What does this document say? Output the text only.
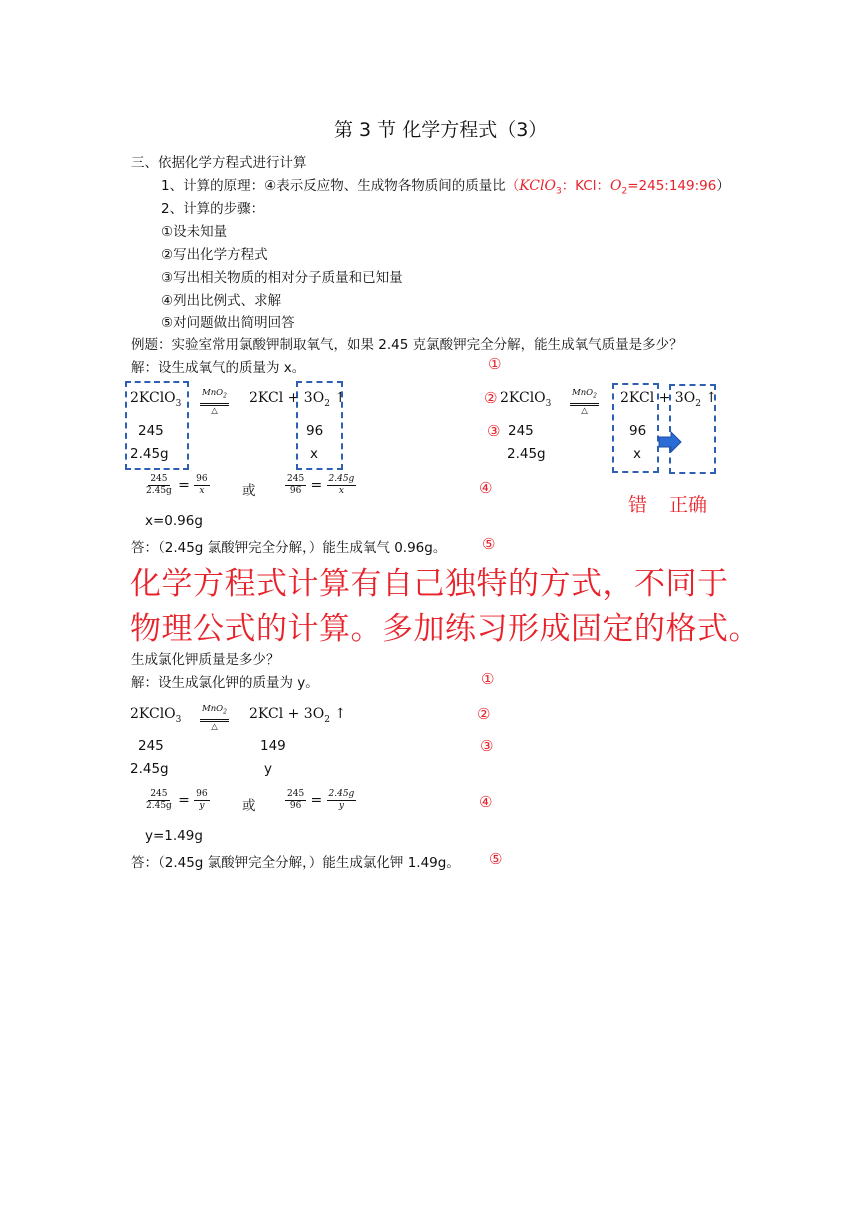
第 3 节 化学方程式（3）
三、依据化学方程式进行计算
1、计算的原理：④表示反应物、生成物各物质间的质量比（KClO$_3$：KCl：$O_2=245:149:96$）
2、计算的步骤：
①设未知量
②写出化学方程式
③写出相关物质的相对分子质量和已知量
④列出比例式、求解
⑤对问题做出简明回答
例题：实验室常用氯酸钾制取氧气，如果 2.45 克氯酸钾完全分解，能生成氧气质量是多少？
解：设生成氧气的质量为 x。	①
2KClO$_3$
MnO$_2$
△
$2KCl + 3O_2$ ↑
245	96
2.45g	x
$\frac{245}{2.45g} = \frac{96}{x}$ 或	$\frac{245}{96} = \frac{2.45g}{x}$	④
x=0.96g
答：（2.45g 氯酸钾完全分解，）能生成氧气 0.96g。 ⑤
② 2KClO$_3$
MnO$_2$
△
$2KCl + 3O_2$ ↑
③ 245	96
2.45g	x
错 正确
化学方程式计算有自己独特的方式，不同于
物理公式的计算。多加练习形成固定的格式。
生成氯化钾质量是多少？
解：设生成氯化钾的质量为 y。	①
2KClO$_3$
MnO$_2$
△
$2KCl + 3O_2$ ↑	②
245	149	③
2.45g	y
$\frac{245}{2.45g} = \frac{96}{y}$ 或	$\frac{245}{96} = \frac{2.45g}{y}$	④
y=1.49g
答：（2.45g 氯酸钾完全分解，）能生成氯化钾 1.49g。 ⑤
